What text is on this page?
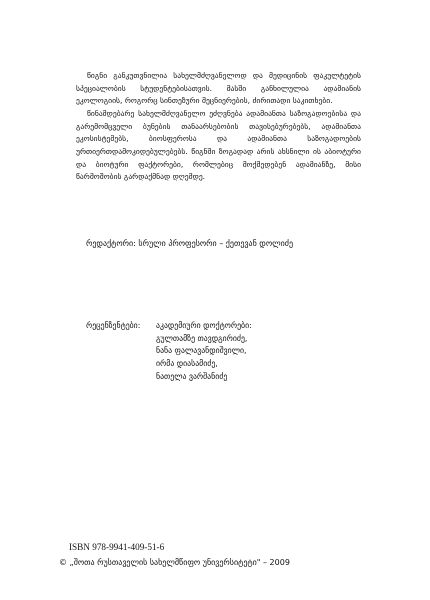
წიგნი განკუთვნილია სახელმძღვანელოდ და მედიცინის ფაკულტეტის სპეციალობის სტუდენტებისათვის. მასში განხილულია ადამიანის ეკოლოგიის, როგორც სინთეზური მეცნიერების, ძირითადი საკითხები.

წინამდებარე სახელმძღვანელო ეძღვნება ადამიანთა საზოგადოებისა და გარემომცველი ბუნების თანაარსებობის თავისებურებებს, ადამიანთა ეკოსისტემებს, ბიოსფეროსა და ადამიანთა საზოგადოების ურთიერთდამოკიდებულებებს. წიგნში ზოგადად არის ახსნილი ის აბიოტური და ბიოტური ფაქტორები, რომლებიც მოქმედებენ ადამიანზე, მისი წარმოშობის გარდაქმნად დღემდე.

რედაქტორი: სრული პროფესორი – ქეთევან დოლიძე
რეცენზენტები: აკადემიური დოქტორები:
გულთამზე თავდგირიძე,
ნანა ფალავანდიშვილი,
ირმა დიასამიძე,
ნათელა ვარშანიძე
ISBN 978-9941-409-51-6
© „შოთა რუსთაველის სახელმწიფო უნივერსიტეტი" – 2009
